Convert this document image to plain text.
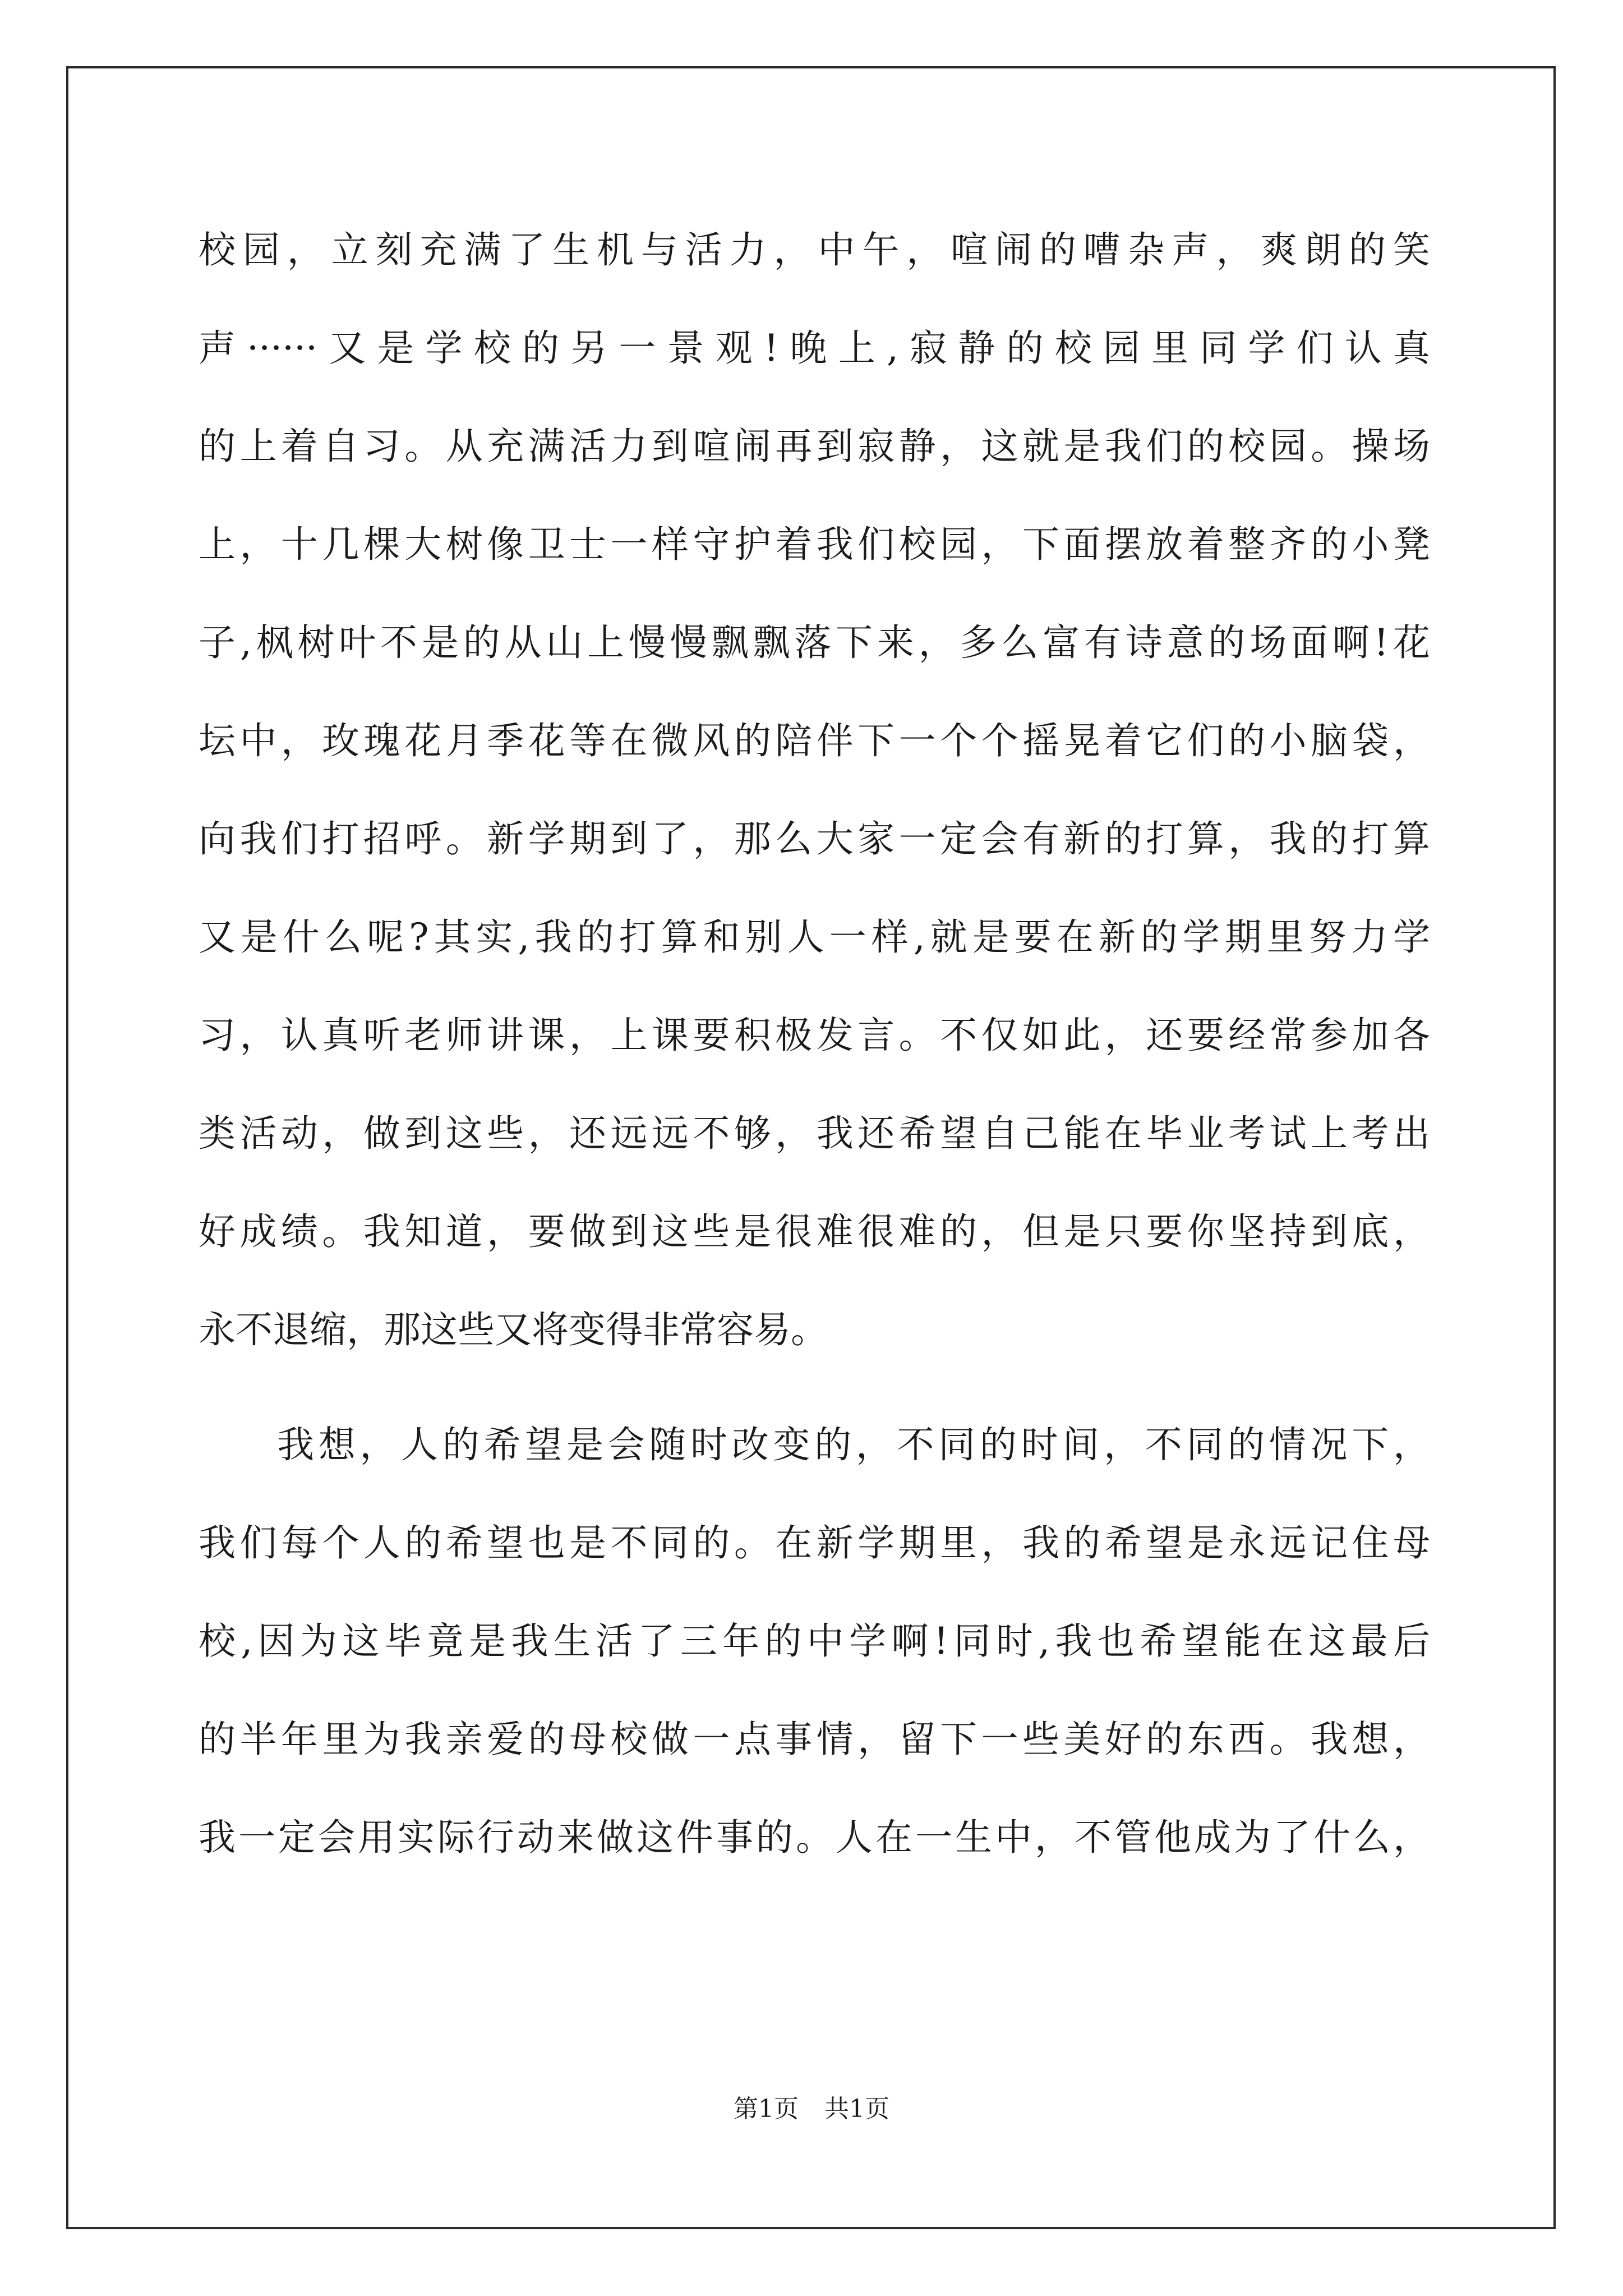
校园，立刻充满了生机与活力，中午，喧闹的嘈杂声，爽朗的笑
声······又是学校的另一景观!晚上,寂静的校园里同学们认真
的上着自习。从充满活力到喧闹再到寂静，这就是我们的校园。操场
上，十几棵大树像卫士一样守护着我们校园，下面摆放着整齐的小凳
子,枫树叶不是的从山上慢慢飘飘落下来，多么富有诗意的场面啊!花
坛中，玫瑰花月季花等在微风的陪伴下一个个摇晃着它们的小脑袋，
向我们打招呼。新学期到了，那么大家一定会有新的打算，我的打算
又是什么呢?其实,我的打算和别人一样,就是要在新的学期里努力学
习，认真听老师讲课，上课要积极发言。不仅如此，还要经常参加各
类活动，做到这些，还远远不够，我还希望自己能在毕业考试上考出
好成绩。我知道，要做到这些是很难很难的，但是只要你坚持到底，
永不退缩，那这些又将变得非常容易。
我想，人的希望是会随时改变的，不同的时间，不同的情况下，
我们每个人的希望也是不同的。在新学期里，我的希望是永远记住母
校,因为这毕竟是我生活了三年的中学啊!同时,我也希望能在这最后
的半年里为我亲爱的母校做一点事情，留下一些美好的东西。我想，
我一定会用实际行动来做这件事的。人在一生中，不管他成为了什么，
第1页 共1页
